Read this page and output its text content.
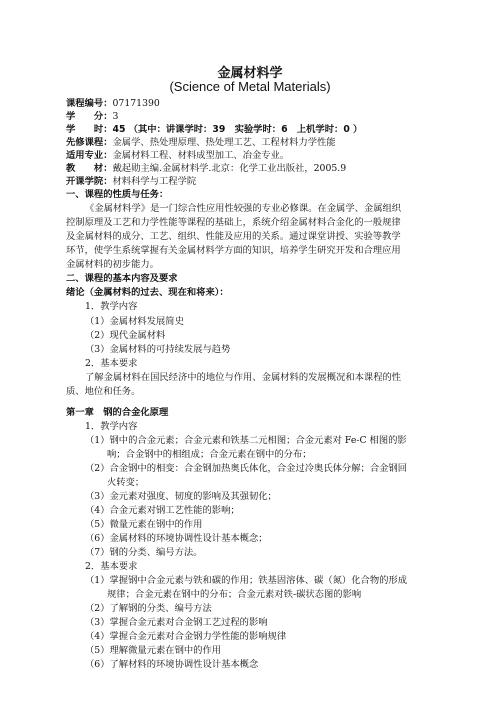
金属材料学
(Science of Metal Materials)
课程编号：07171390
学　　分：3
学　　时：45 （其中：讲课学时：39　实验学时：6　上机学时：0 ）
先修课程：金属学、热处理原理、热处理工艺、工程材料力学性能
适用专业：金属材料工程、材料成型加工、冶金专业。
教　　材：戴起勋主编.金属材料学.北京：化学工业出版社，2005.9
开课学院：材料科学与工程学院
一、课程的性质与任务：
《金属材料学》是一门综合性应用性较强的专业必修课。在金属学、金属组织
控制原理及工艺和力学性能等课程的基础上，系统介绍金属材料合金化的一般规律
及金属材料的成分、工艺、组织、性能及应用的关系。通过课堂讲授、实验等教学
环节，使学生系统掌握有关金属材料学方面的知识，培养学生研究开发和合理应用
金属材料的初步能力。
二、课程的基本内容及要求
绪论（金属材料的过去、现在和将来）：
1．教学内容
（1）金属材料发展简史
（2）现代金属材料
（3）金属材料的可持续发展与趋势
2．基本要求
了解金属材料在国民经济中的地位与作用、金属材料的发展概况和本课程的性
质、地位和任务。
第一章　钢的合金化原理
1．教学内容
（1）钢中的合金元素；合金元素和铁基二元相图；合金元素对 Fe-C 相图的影
响；合金钢中的相组成；合金元素在钢中的分布；
（2）合金钢中的相变：合金钢加热奥氏体化，合金过冷奥氏体分解；合金钢回
火转变；
（3）金元素对强度、韧度的影响及其强韧化；
（4）合金元素对钢工艺性能的影响；
（5）微量元素在钢中的作用
（6）金属材料的环境协调性设计基本概念；
（7）钢的分类、编号方法。
2．基本要求
（1）掌握钢中合金元素与铁和碳的作用；铁基固溶体、碳（氮）化合物的形成
规律；合金元素在钢中的分布；合金元素对铁-碳状态图的影响
（2）了解钢的分类、编号方法
（3）掌握合金元素对合金钢工艺过程的影响
（4）掌握合金元素对合金钢力学性能的影响规律
（5）理解微量元素在钢中的作用
（6）了解材料的环境协调性设计基本概念
